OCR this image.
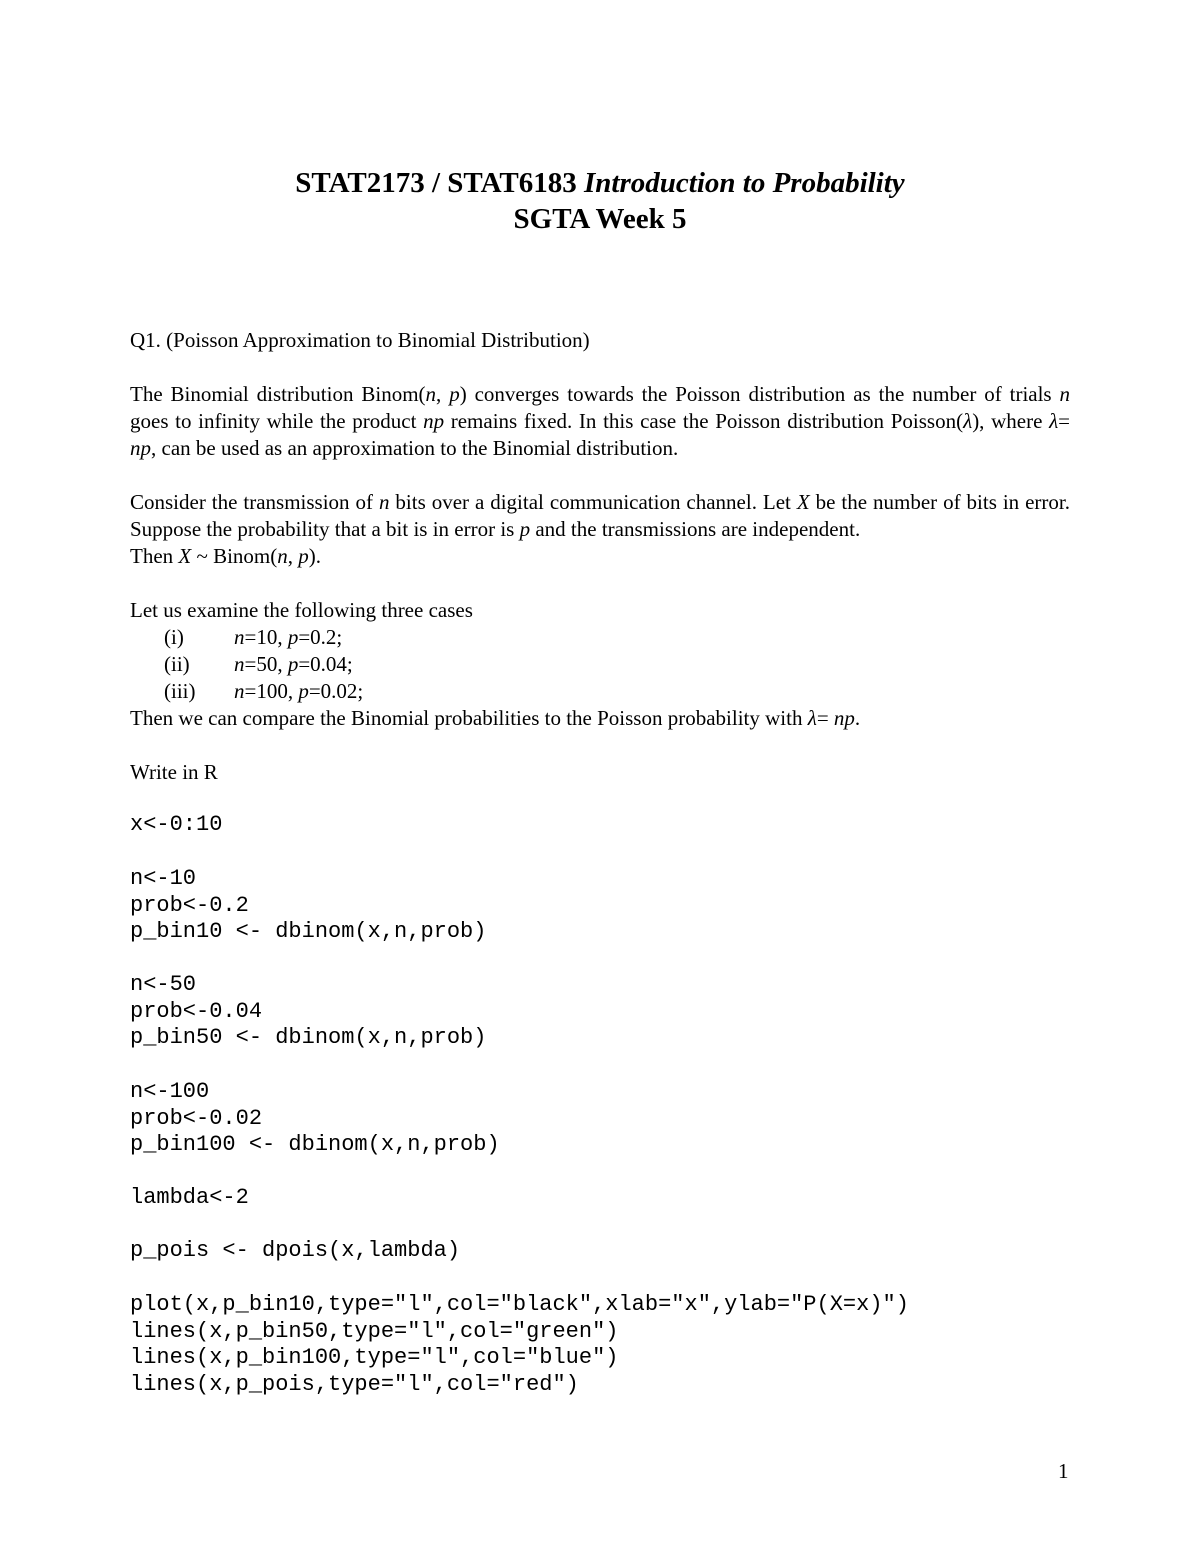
STAT2173 / STAT6183 Introduction to Probability
SGTA Week 5

Q1. (Poisson Approximation to Binomial Distribution)

The Binomial distribution Binom(n, p) converges towards the Poisson distribution as the number of trials n goes to infinity while the product np remains fixed. In this case the Poisson distribution Poisson(λ), where λ= np, can be used as an approximation to the Binomial distribution.

Consider the transmission of n bits over a digital communication channel. Let X be the number of bits in error. Suppose the probability that a bit is in error is p and the transmissions are independent.
Then X ~ Binom(n, p).

Let us examine the following three cases

(i) n=10, p=0.2;
(ii) n=50, p=0.04;
(iii) n=100, p=0.02;

Then we can compare the Binomial probabilities to the Poisson probability with λ= np.

Write in R

x<-0:10
n<-10
prob<-0.2
p_bin10 <- dbinom(x,n,prob)
n<-50
prob<-0.04
p_bin50 <- dbinom(x,n,prob)
n<-100
prob<-0.02
p_bin100 <- dbinom(x,n,prob)
lambda<-2
p_pois <- dpois(x,lambda)
plot(x,p_bin10,type="l",col="black",xlab="x",ylab="P(X=x)")
lines(x,p_bin50,type="l",col="green")
lines(x,p_bin100,type="l",col="blue")
lines(x,p_pois,type="l",col="red")
1
